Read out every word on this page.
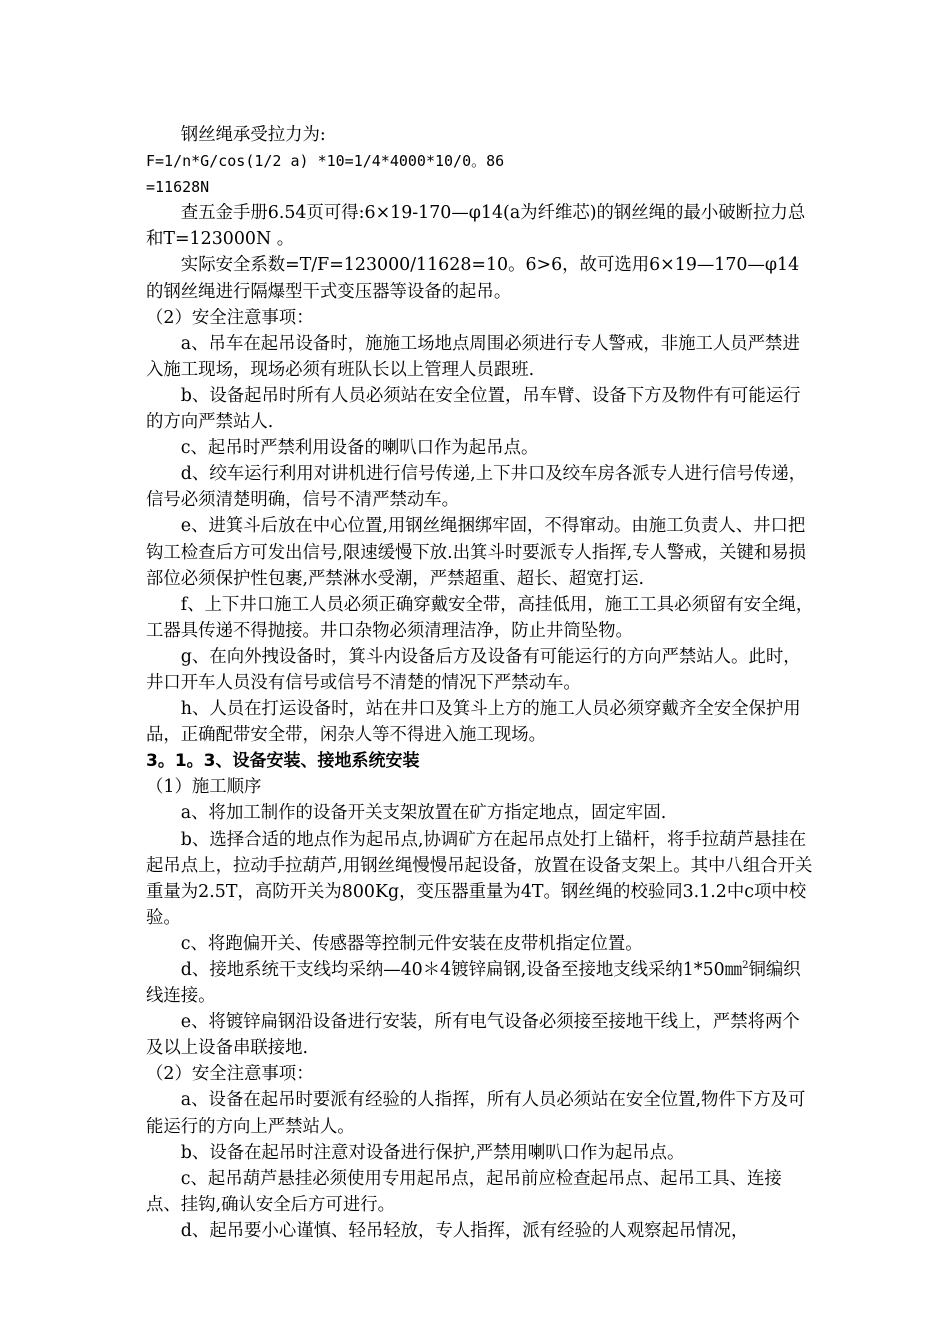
钢丝绳承受拉力为:

F=1/n*G/cos(1/2 a) *10=1/4*4000*10/0。86

=11628N

查五金手册6.54页可得:6×19-170—φ14(a为纤维芯)的钢丝绳的最小破断拉力总和T=123000N 。

实际安全系数=T/F=123000/11628=10。6>6，故可选用6×19—170—φ14的钢丝绳进行隔爆型干式变压器等设备的起吊。

（2）安全注意事项：

a、吊车在起吊设备时，施施工场地点周围必须进行专人警戒，非施工人员严禁进入施工现场，现场必须有班队长以上管理人员跟班.

b、设备起吊时所有人员必须站在安全位置，吊车臂、设备下方及物件有可能运行的方向严禁站人.

c、起吊时严禁利用设备的喇叭口作为起吊点。

d、绞车运行利用对讲机进行信号传递,上下井口及绞车房各派专人进行信号传递，信号必须清楚明确，信号不清严禁动车。

e、进箕斗后放在中心位置,用钢丝绳捆绑牢固，不得窜动。由施工负责人、井口把钩工检查后方可发出信号,限速缓慢下放.出箕斗时要派专人指挥,专人警戒，关键和易损部位必须保护性包裹,严禁淋水受潮，严禁超重、超长、超宽打运.

f、上下井口施工人员必须正确穿戴安全带，高挂低用，施工工具必须留有安全绳，工器具传递不得抛接。井口杂物必须清理洁净，防止井筒坠物。

g、在向外拽设备时，箕斗内设备后方及设备有可能运行的方向严禁站人。此时，井口开车人员没有信号或信号不清楚的情况下严禁动车。

h、人员在打运设备时，站在井口及箕斗上方的施工人员必须穿戴齐全安全保护用品，正确配带安全带，闲杂人等不得进入施工现场。

3。1。3、设备安装、接地系统安装

（1）施工顺序

a、将加工制作的设备开关支架放置在矿方指定地点，固定牢固.

b、选择合适的地点作为起吊点,协调矿方在起吊点处打上锚杆，将手拉葫芦悬挂在起吊点上，拉动手拉葫芦,用钢丝绳慢慢吊起设备，放置在设备支架上。其中八组合开关重量为2.5T，高防开关为800Kg，变压器重量为4T。钢丝绳的校验同3.1.2中c项中校验。

c、将跑偏开关、传感器等控制元件安装在皮带机指定位置。

d、接地系统干支线均采纳—40＊4镀锌扁钢,设备至接地支线采纳1*50㎜$^2$铜编织线连接。

e、将镀锌扁钢沿设备进行安装，所有电气设备必须接至接地干线上，严禁将两个及以上设备串联接地.

（2）安全注意事项：

a、设备在起吊时要派有经验的人指挥，所有人员必须站在安全位置,物件下方及可能运行的方向上严禁站人。

b、设备在起吊时注意对设备进行保护,严禁用喇叭口作为起吊点。

c、起吊葫芦悬挂必须使用专用起吊点，起吊前应检查起吊点、起吊工具、连接点、挂钩,确认安全后方可进行。

d、起吊要小心谨慎、轻吊轻放，专人指挥，派有经验的人观察起吊情况，
